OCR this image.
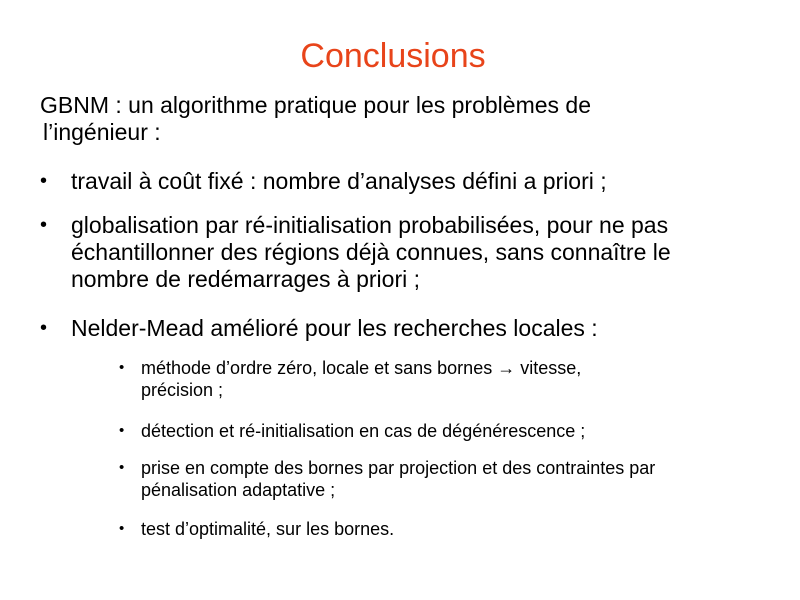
Conclusions
GBNM : un algorithme pratique pour les problèmes de
l’ingénieur :
•	travail à coût fixé : nombre d’analyses défini a priori ;
•	globalisation par ré-initialisation probabilisées, pour ne pas
échantillonner des régions déjà connues, sans connaître le
nombre de redémarrages à priori ;
•	Nelder-Mead amélioré pour les recherches locales :
• méthode d’ordre zéro, locale et sans bornes → vitesse,
précision ;
• détection et ré-initialisation en cas de dégénérescence ;
• prise en compte des bornes par projection et des contraintes par
pénalisation adaptative ;
• test d’optimalité, sur les bornes.
